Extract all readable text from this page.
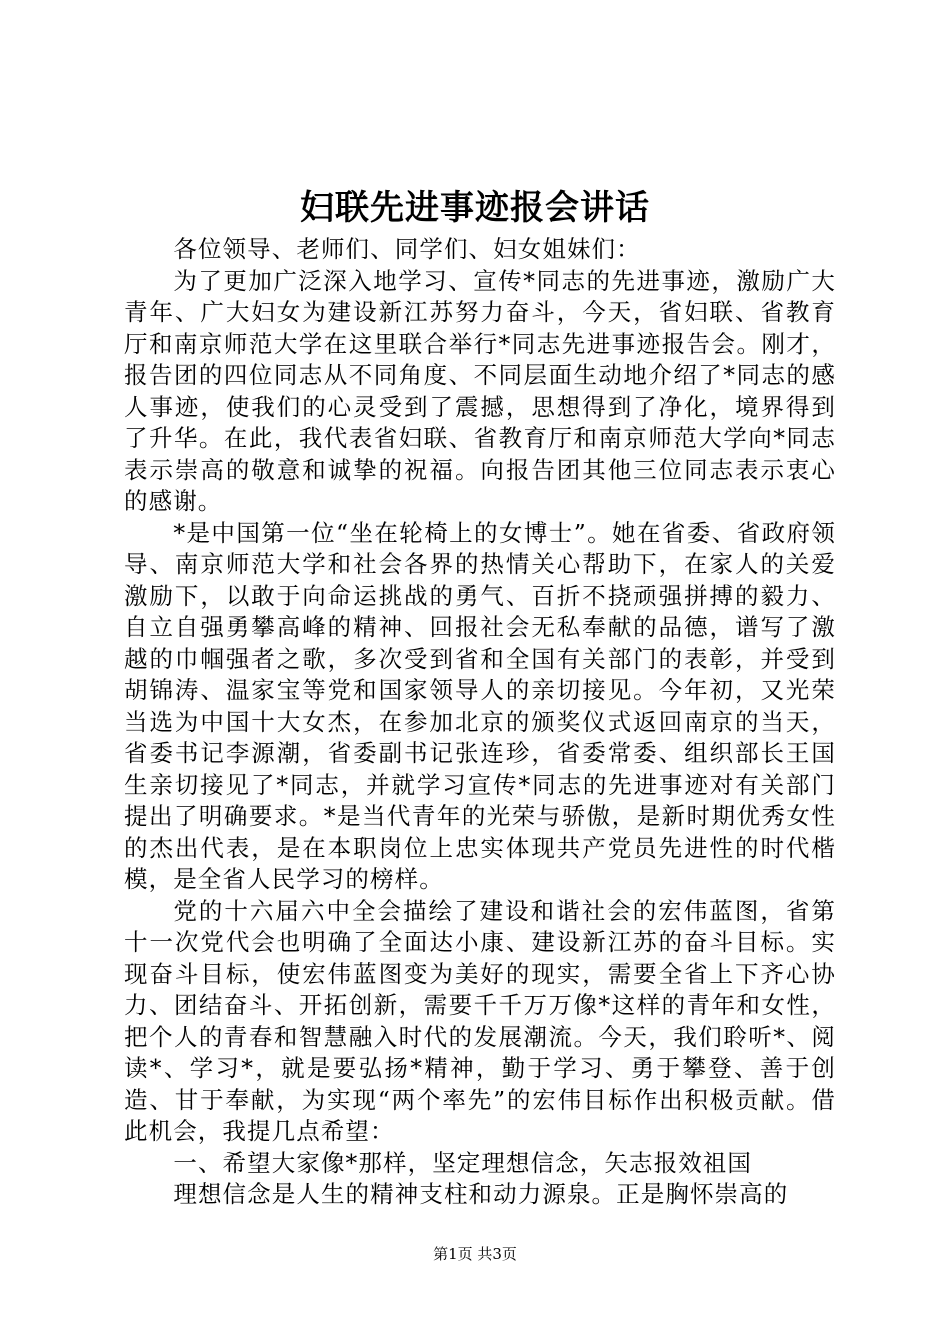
妇联先进事迹报会讲话

各位领导、老师们、同学们、妇女姐妹们：

为了更加广泛深入地学习、宣传*同志的先进事迹，激励广大青年、广大妇女为建设新江苏努力奋斗，今天，省妇联、省教育厅和南京师范大学在这里联合举行*同志先进事迹报告会。刚才，报告团的四位同志从不同角度、不同层面生动地介绍了*同志的感人事迹，使我们的心灵受到了震撼，思想得到了净化，境界得到了升华。在此，我代表省妇联、省教育厅和南京师范大学向*同志表示崇高的敬意和诚挚的祝福。向报告团其他三位同志表示衷心的感谢。

*是中国第一位“坐在轮椅上的女博士”。她在省委、省政府领导、南京师范大学和社会各界的热情关心帮助下，在家人的关爱激励下，以敢于向命运挑战的勇气、百折不挠顽强拼搏的毅力、自立自强勇攀高峰的精神、回报社会无私奉献的品德，谱写了激越的巾帼强者之歌，多次受到省和全国有关部门的表彰，并受到胡锦涛、温家宝等党和国家领导人的亲切接见。今年初，又光荣当选为中国十大女杰，在参加北京的颁奖仪式返回南京的当天，省委书记李源潮，省委副书记张连珍，省委常委、组织部长王国生亲切接见了*同志，并就学习宣传*同志的先进事迹对有关部门提出了明确要求。*是当代青年的光荣与骄傲，是新时期优秀女性的杰出代表，是在本职岗位上忠实体现共产党员先进性的时代楷模，是全省人民学习的榜样。

党的十六届六中全会描绘了建设和谐社会的宏伟蓝图，省第十一次党代会也明确了全面达小康、建设新江苏的奋斗目标。实现奋斗目标，使宏伟蓝图变为美好的现实，需要全省上下齐心协力、团结奋斗、开拓创新，需要千千万万像*这样的青年和女性，把个人的青春和智慧融入时代的发展潮流。今天，我们聆听*、阅读*、学习*，就是要弘扬*精神，勤于学习、勇于攀登、善于创造、甘于奉献，为实现“两个率先”的宏伟目标作出积极贡献。借此机会，我提几点希望：

一、希望大家像*那样，坚定理想信念，矢志报效祖国

理想信念是人生的精神支柱和动力源泉。正是胸怀崇高的

第1页 共3页
